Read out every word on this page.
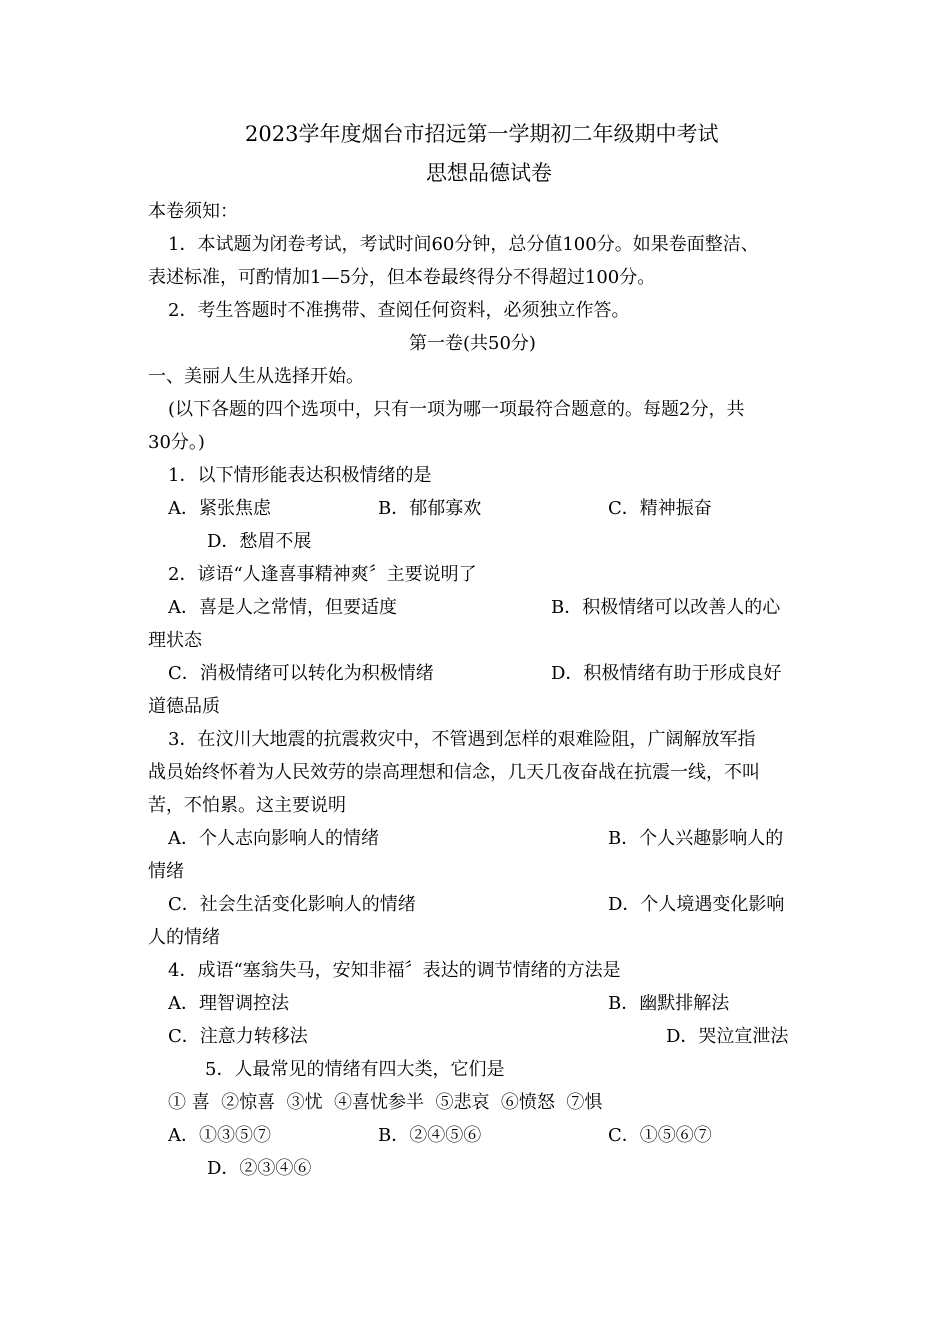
2023学年度烟台市招远第一学期初二年级期中考试
思想品德试卷
本卷须知：
1．本试题为闭卷考试，考试时间60分钟，总分值100分。如果卷面整洁、
表述标准，可酌情加1—5分，但本卷最终得分不得超过100分。
2．考生答题时不准携带、查阅任何资料，必须独立作答。
第一卷(共50分)
一、美丽人生从选择开始。
(以下各题的四个选项中，只有一项为哪一项最符合题意的。每题2分，共
30分。)
1．以下情形能表达积极情绪的是
A．紧张焦虑	B．郁郁寡欢	C．精神振奋
D．愁眉不展
2．谚语“人逢喜事精神爽〞主要说明了
A．喜是人之常情，但要适度	B．积极情绪可以改善人的心
理状态
C．消极情绪可以转化为积极情绪	D．积极情绪有助于形成良好
道德品质
3．在汶川大地震的抗震救灾中，不管遇到怎样的艰难险阻，广阔解放军指
战员始终怀着为人民效劳的崇高理想和信念，几天几夜奋战在抗震一线，不叫
苦，不怕累。这主要说明
A．个人志向影响人的情绪	B．个人兴趣影响人的
情绪
C．社会生活变化影响人的情绪	D．个人境遇变化影响
人的情绪
4．成语“塞翁失马，安知非福〞表达的调节情绪的方法是
A．理智调控法	B．幽默排解法
C．注意力转移法	D．哭泣宣泄法
5．人最常见的情绪有四大类，它们是
① 喜  ②惊喜  ③忧  ④喜忧参半  ⑤悲哀  ⑥愤怒  ⑦惧
A．①③⑤⑦	B．②④⑤⑥	C．①⑤⑥⑦
D．②③④⑥
